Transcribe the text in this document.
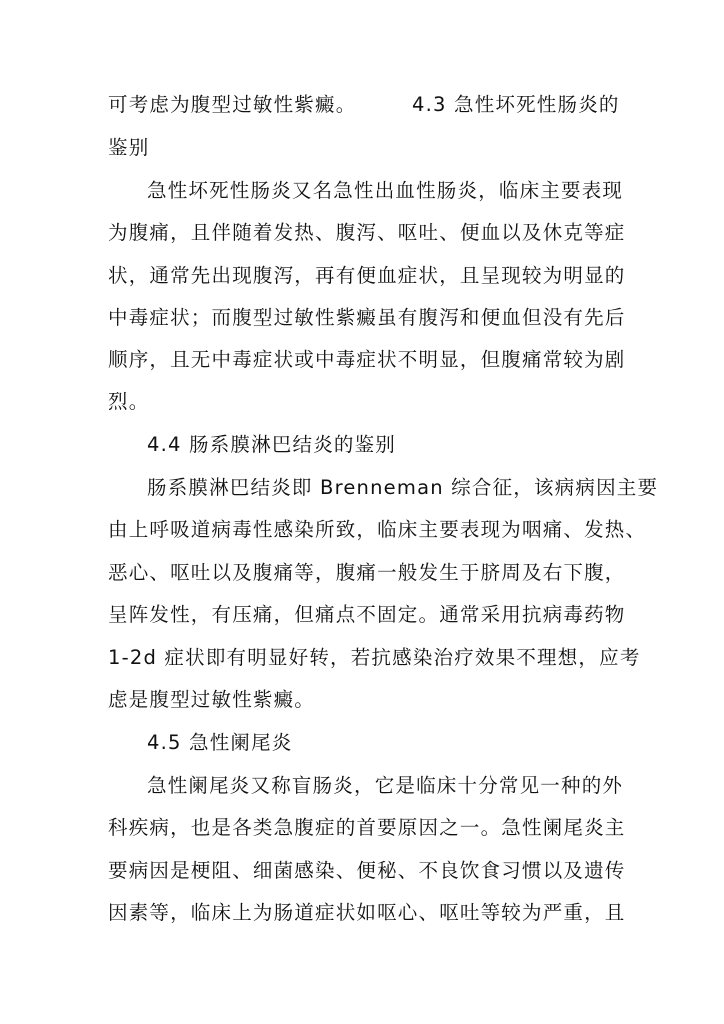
可考虑为腹型过敏性紫癜。	4.3 急性坏死性肠炎的
鉴别
急性坏死性肠炎又名急性出血性肠炎，临床主要表现
为腹痛，且伴随着发热、腹泻、呕吐、便血以及休克等症
状，通常先出现腹泻，再有便血症状，且呈现较为明显的
中毒症状；而腹型过敏性紫癜虽有腹泻和便血但没有先后
顺序，且无中毒症状或中毒症状不明显，但腹痛常较为剧
烈。
4.4 肠系膜淋巴结炎的鉴别
肠系膜淋巴结炎即 Brenneman 综合征，该病病因主要
由上呼吸道病毒性感染所致，临床主要表现为咽痛、发热、
恶心、呕吐以及腹痛等，腹痛一般发生于脐周及右下腹，
呈阵发性，有压痛，但痛点不固定。通常采用抗病毒药物
1-2d 症状即有明显好转，若抗感染治疗效果不理想，应考
虑是腹型过敏性紫癜。
4.5 急性阑尾炎
急性阑尾炎又称盲肠炎，它是临床十分常见一种的外
科疾病，也是各类急腹症的首要原因之一。急性阑尾炎主
要病因是梗阻、细菌感染、便秘、不良饮食习惯以及遗传
因素等，临床上为肠道症状如呕心、呕吐等较为严重，且
